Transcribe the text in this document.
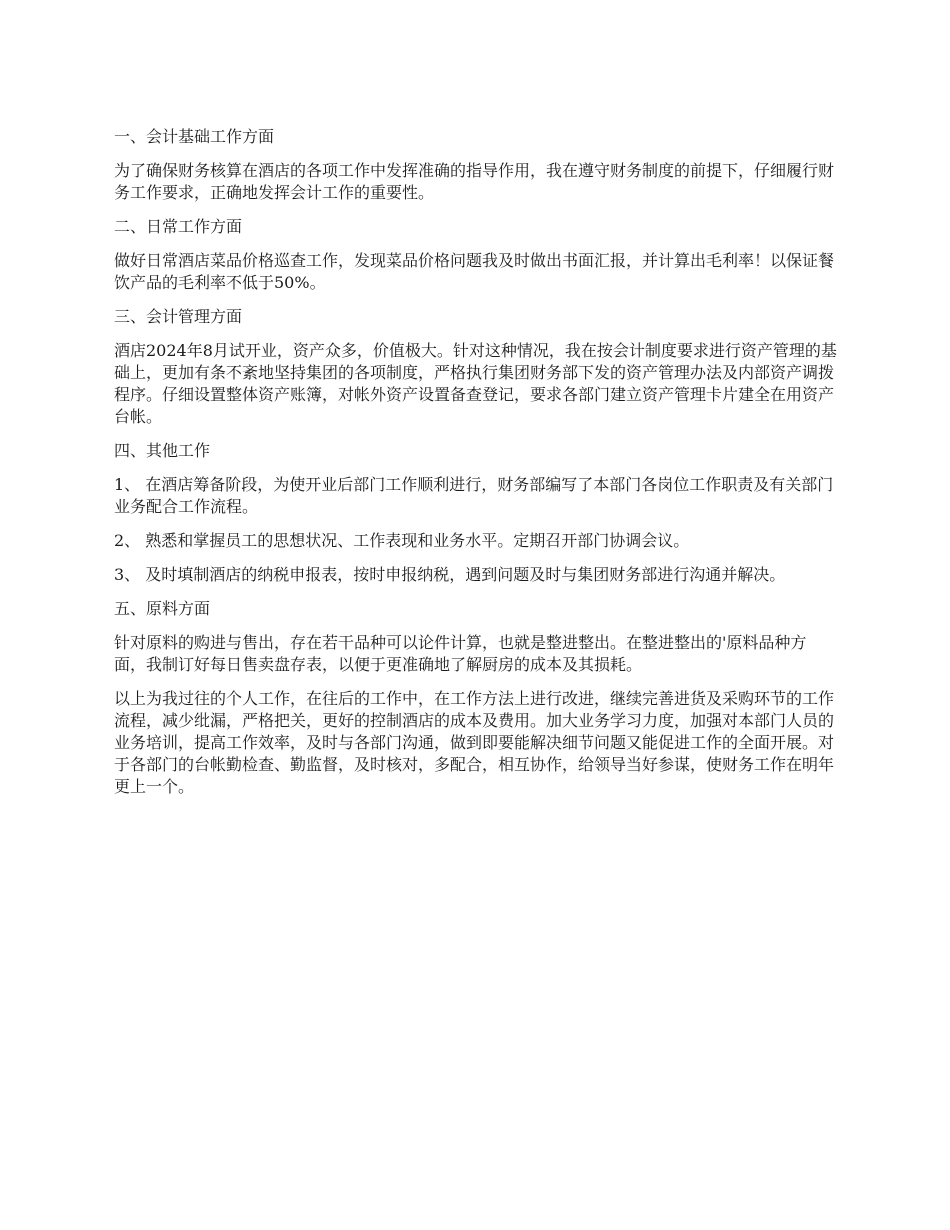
一、会计基础工作方面

为了确保财务核算在酒店的各项工作中发挥准确的指导作用，我在遵守财务制度的前提下，仔细履行财务工作要求，正确地发挥会计工作的重要性。

二、日常工作方面

做好日常酒店菜品价格巡查工作，发现菜品价格问题我及时做出书面汇报，并计算出毛利率！以保证餐饮产品的毛利率不低于50%。

三、会计管理方面

酒店2024年8月试开业，资产众多，价值极大。针对这种情况，我在按会计制度要求进行资产管理的基础上，更加有条不紊地坚持集团的各项制度，严格执行集团财务部下发的资产管理办法及内部资产调拨程序。仔细设置整体资产账簿，对帐外资产设置备查登记，要求各部门建立资产管理卡片建全在用资产台帐。

四、其他工作

1、 在酒店筹备阶段，为使开业后部门工作顺利进行，财务部编写了本部门各岗位工作职责及有关部门业务配合工作流程。

2、 熟悉和掌握员工的思想状况、工作表现和业务水平。定期召开部门协调会议。

3、 及时填制酒店的纳税申报表，按时申报纳税，遇到问题及时与集团财务部进行沟通并解决。

五、原料方面

针对原料的购进与售出，存在若干品种可以论件计算，也就是整进整出。在整进整出的'原料品种方面，我制订好每日售卖盘存表，以便于更准确地了解厨房的成本及其损耗。

以上为我过往的个人工作，在往后的工作中，在工作方法上进行改进，继续完善进货及采购环节的工作流程，减少纰漏，严格把关，更好的控制酒店的成本及费用。加大业务学习力度，加强对本部门人员的业务培训，提高工作效率，及时与各部门沟通，做到即要能解决细节问题又能促进工作的全面开展。对于各部门的台帐勤检查、勤监督，及时核对，多配合，相互协作，给领导当好参谋，使财务工作在明年更上一个。
